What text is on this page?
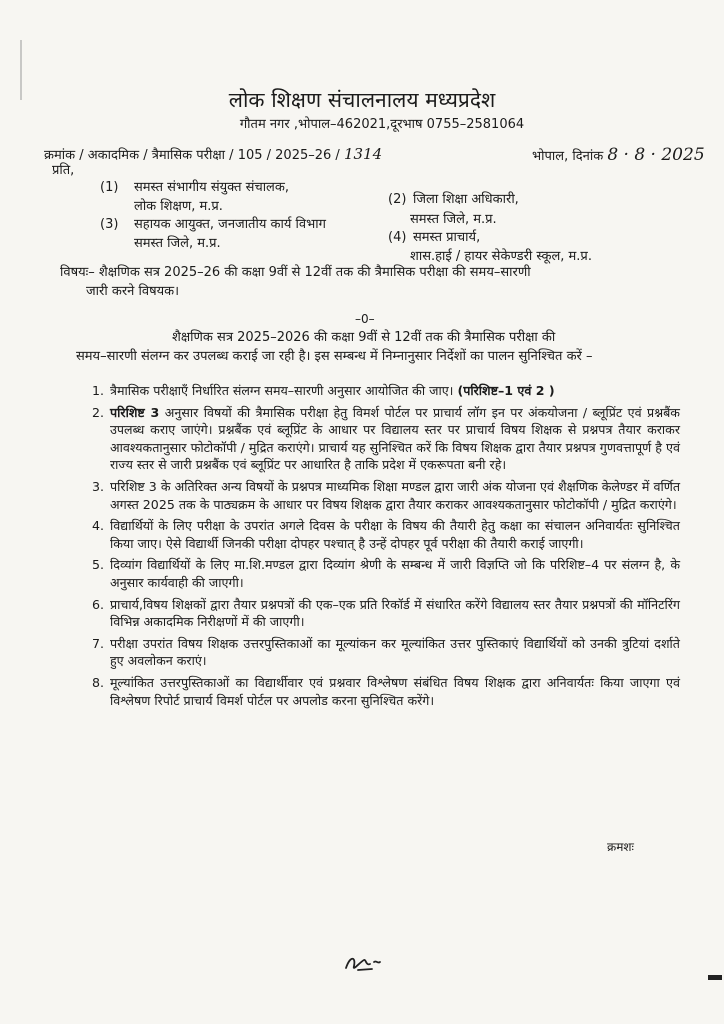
लोक शिक्षण संचालनालय मध्यप्रदेश
गौतम नगर ,भोपाल–462021,दूरभाष 0755–2581064
क्रमांक / अकादमिक / त्रैमासिक परीक्षा / 105 / 2025–26 / 1314	भोपाल, दिनांक 8 · 8 · 2025
प्रति,
(1) समस्त संभागीय संयुक्त संचालक,
लोक शिक्षण, म.प्र.	(2) जिला शिक्षा अधिकारी,
समस्त जिले, म.प्र.
(3) सहायक आयुक्त, जनजातीय कार्य विभाग
समस्त जिले, म.प्र.	(4) समस्त प्राचार्य,
शास.हाई / हायर सेकेण्डरी स्कूल, म.प्र.
विषयः– शैक्षणिक सत्र 2025–26 की कक्षा 9वीं से 12वीं तक की त्रैमासिक परीक्षा की समय–सारणी
जारी करने विषयक।
–0–
शैक्षणिक सत्र 2025–2026 की कक्षा 9वीं से 12वीं तक की त्रैमासिक परीक्षा की
समय–सारणी संलग्न कर उपलब्ध कराई जा रही है। इस सम्बन्ध में निम्नानुसार निर्देशों का पालन सुनिश्चित करें –
1. त्रैमासिक परीक्षाएँ निर्धारित संलग्न समय–सारणी अनुसार आयोजित की जाए। (परिशिष्ट–1 एवं 2 )
2. परिशिष्ट 3 अनुसार विषयों की त्रैमासिक परीक्षा हेतु विमर्श पोर्टल पर प्राचार्य लॉग इन पर अंकयोजना / ब्लूप्रिंट एवं प्रश्नबैंक उपलब्ध कराए जाएंगे। प्रश्नबैंक एवं ब्लूप्रिंट के आधार पर विद्यालय स्तर पर प्राचार्य विषय शिक्षक से प्रश्नपत्र तैयार कराकर आवश्यकतानुसार फोटोकॉपी / मुद्रित कराएंगे। प्राचार्य यह सुनिश्चित करें कि विषय शिक्षक द्वारा तैयार प्रश्नपत्र गुणवत्तापूर्ण है एवं राज्य स्तर से जारी प्रश्नबैंक एवं ब्लूप्रिंट पर आधारित है ताकि प्रदेश में एकरूपता बनी रहे।
3. परिशिष्ट 3 के अतिरिक्त अन्य विषयों के प्रश्नपत्र माध्यमिक शिक्षा मण्डल द्वारा जारी अंक योजना एवं शैक्षणिक केलेण्डर में वर्णित अगस्त 2025 तक के पाठ्यक्रम के आधार पर विषय शिक्षक द्वारा तैयार कराकर आवश्यकतानुसार फोटोकॉपी / मुद्रित कराएंगे।
4. विद्यार्थियों के लिए परीक्षा के उपरांत अगले दिवस के परीक्षा के विषय की तैयारी हेतु कक्षा का संचालन अनिवार्यतः सुनिश्चित किया जाए। ऐसे विद्यार्थी जिनकी परीक्षा दोपहर पश्चात् है उन्हें दोपहर पूर्व परीक्षा की तैयारी कराई जाएगी।
5. दिव्यांग विद्यार्थियों के लिए मा.शि.मण्डल द्वारा दिव्यांग श्रेणी के सम्बन्ध में जारी विज्ञप्ति जो कि परिशिष्ट–4 पर संलग्न है, के अनुसार कार्यवाही की जाएगी।
6. प्राचार्य,विषय शिक्षकों द्वारा तैयार प्रश्नपत्रों की एक–एक प्रति रिकॉर्ड में संधारित करेंगे विद्यालय स्तर तैयार प्रश्नपत्रों की मॉनिटरिंग विभिन्न अकादमिक निरीक्षणों में की जाएगी।
7. परीक्षा उपरांत विषय शिक्षक उत्तरपुस्तिकाओं का मूल्यांकन कर मूल्यांकित उत्तर पुस्तिकाएं विद्यार्थियों को उनकी त्रुटियां दर्शाते हुए अवलोकन कराएं।
8. मूल्यांकित उत्तरपुस्तिकाओं का विद्यार्थीवार एवं प्रश्नवार विश्लेषण संबंधित विषय शिक्षक द्वारा अनिवार्यतः किया जाएगा एवं विश्लेषण रिपोर्ट प्राचार्य विमर्श पोर्टल पर अपलोड करना सुनिश्चित करेंगे।
क्रमशः
